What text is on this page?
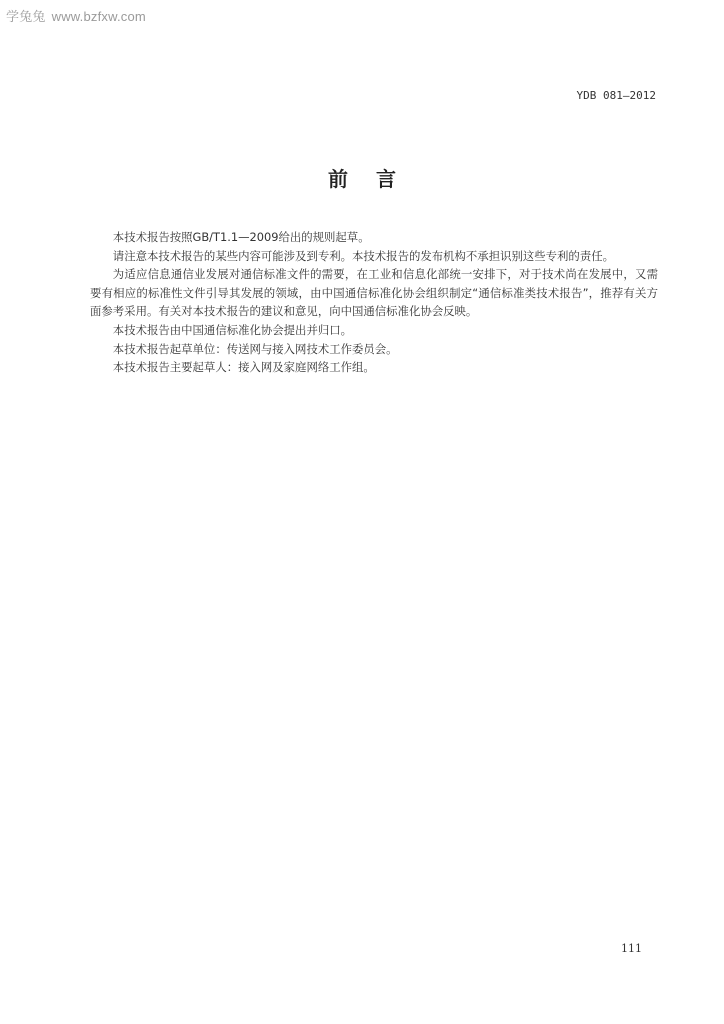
学兔兔 www.bzfxw.com
YDB 081—2012
前言

本技术报告按照GB/T1.1—2009给出的规则起草。

请注意本技术报告的某些内容可能涉及到专利。本技术报告的发布机构不承担识别这些专利的责任。

为适应信息通信业发展对通信标准文件的需要，在工业和信息化部统一安排下，对于技术尚在发展中，又需要有相应的标准性文件引导其发展的领域，由中国通信标准化协会组织制定“通信标准类技术报告”，推荐有关方面参考采用。有关对本技术报告的建议和意见，向中国通信标准化协会反映。

本技术报告由中国通信标准化协会提出并归口。

本技术报告起草单位：传送网与接入网技术工作委员会。

本技术报告主要起草人：接入网及家庭网络工作组。

111
